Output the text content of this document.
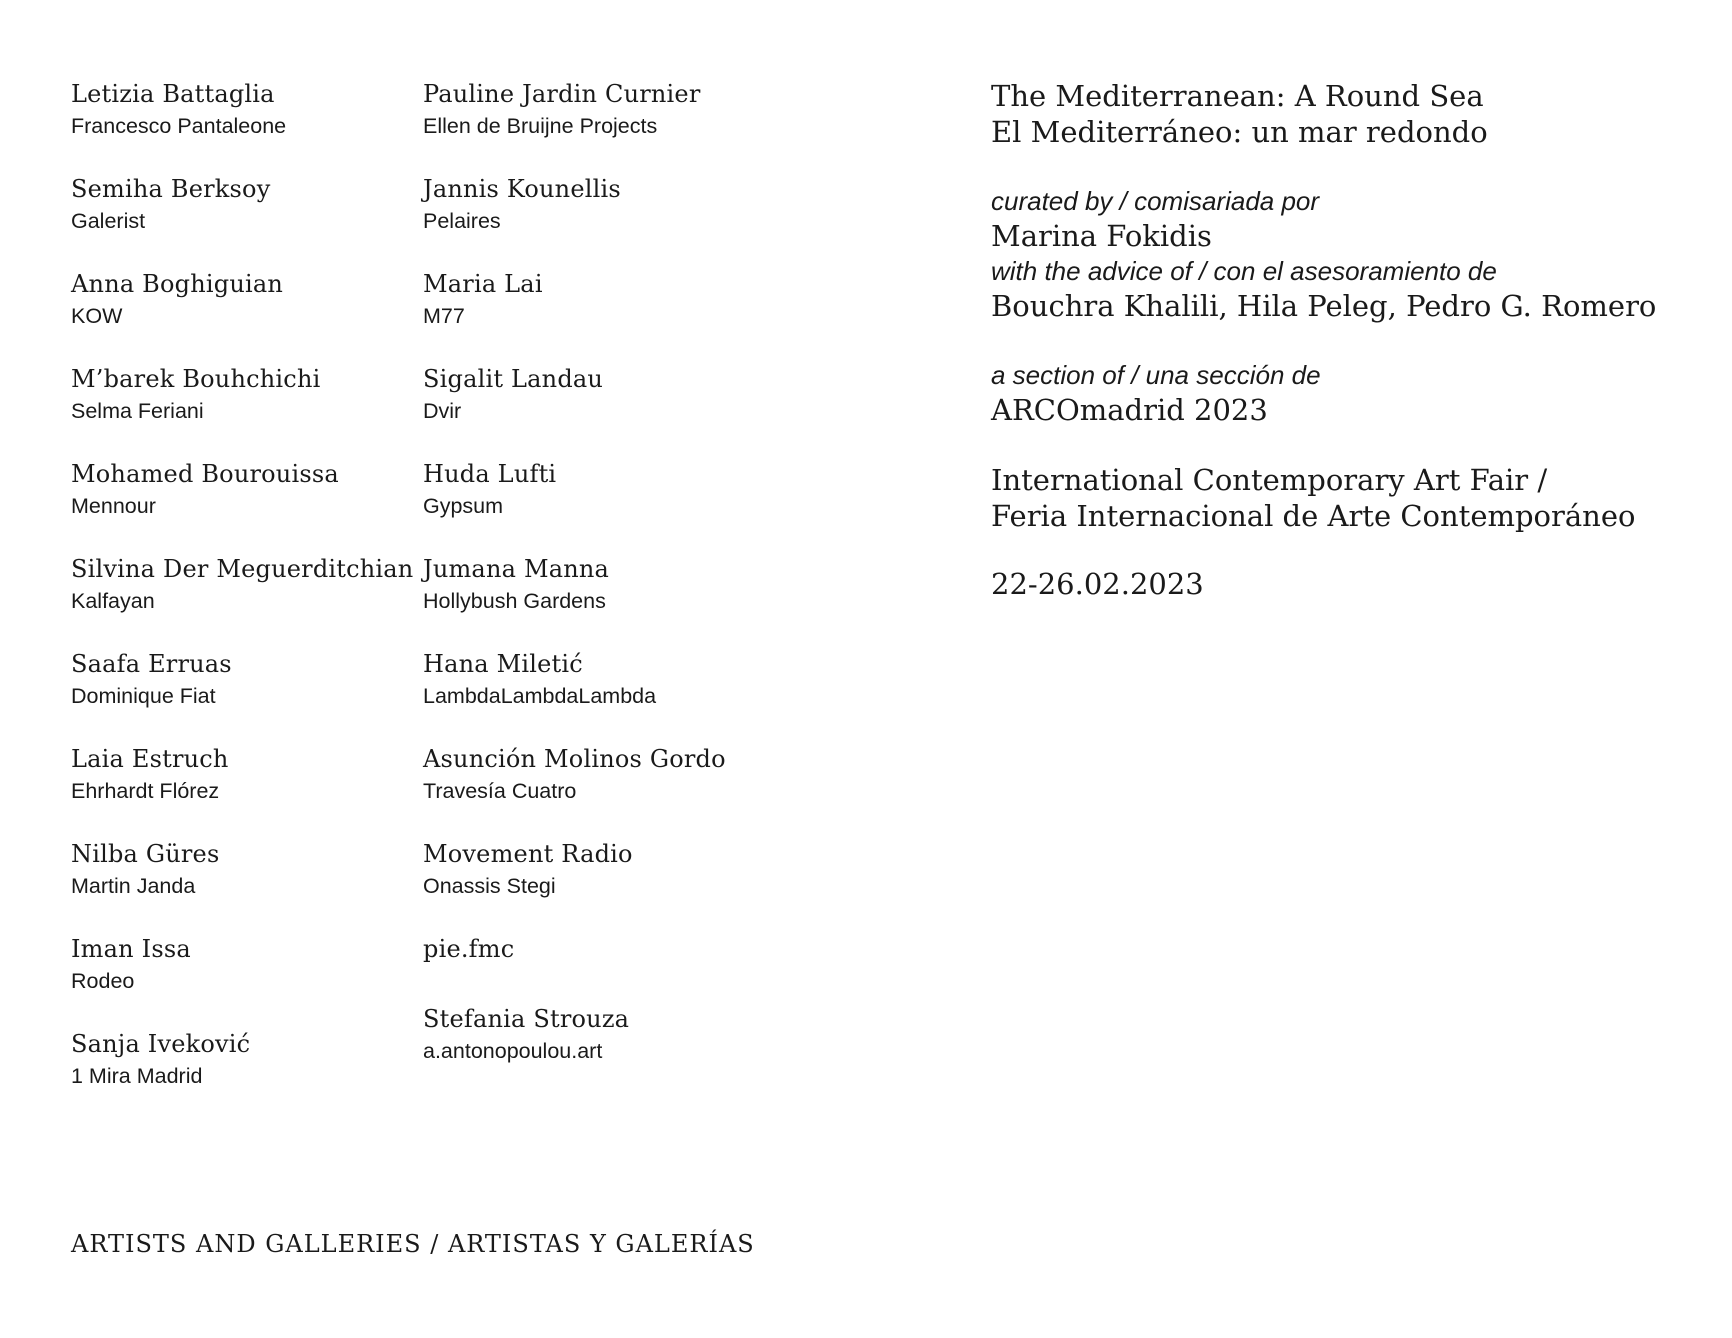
Letizia Battaglia
Francesco Pantaleone
Semiha Berksoy
Galerist
Anna Boghiguian
KOW
M’barek Bouhchichi
Selma Feriani
Mohamed Bourouissa
Mennour
Silvina Der Meguerditchian
Kalfayan
Saafa Erruas
Dominique Fiat
Laia Estruch
Ehrhardt Flórez
Nilba Güres
Martin Janda
Iman Issa
Rodeo
Sanja Iveković
1 Mira Madrid
Pauline Jardin Curnier
Ellen de Bruijne Projects
Jannis Kounellis
Pelaires
Maria Lai
M77
Sigalit Landau
Dvir
Huda Lufti
Gypsum
Jumana Manna
Hollybush Gardens
Hana Miletić
LambdaLambdaLambda
Asunción Molinos Gordo
Travesía Cuatro
Movement Radio
Onassis Stegi
pie.fmc
Stefania Strouza
a.antonopoulou.art
The Mediterranean: A Round Sea
El Mediterráneo: un mar redondo
curated by / comisariada por
Marina Fokidis
with the advice of / con el asesoramiento de
Bouchra Khalili, Hila Peleg, Pedro G. Romero
a section of / una sección de
ARCOmadrid 2023
International Contemporary Art Fair /
Feria Internacional de Arte Contemporáneo
22-26.02.2023
ARTISTS AND GALLERIES / ARTISTAS Y GALERÍAS
